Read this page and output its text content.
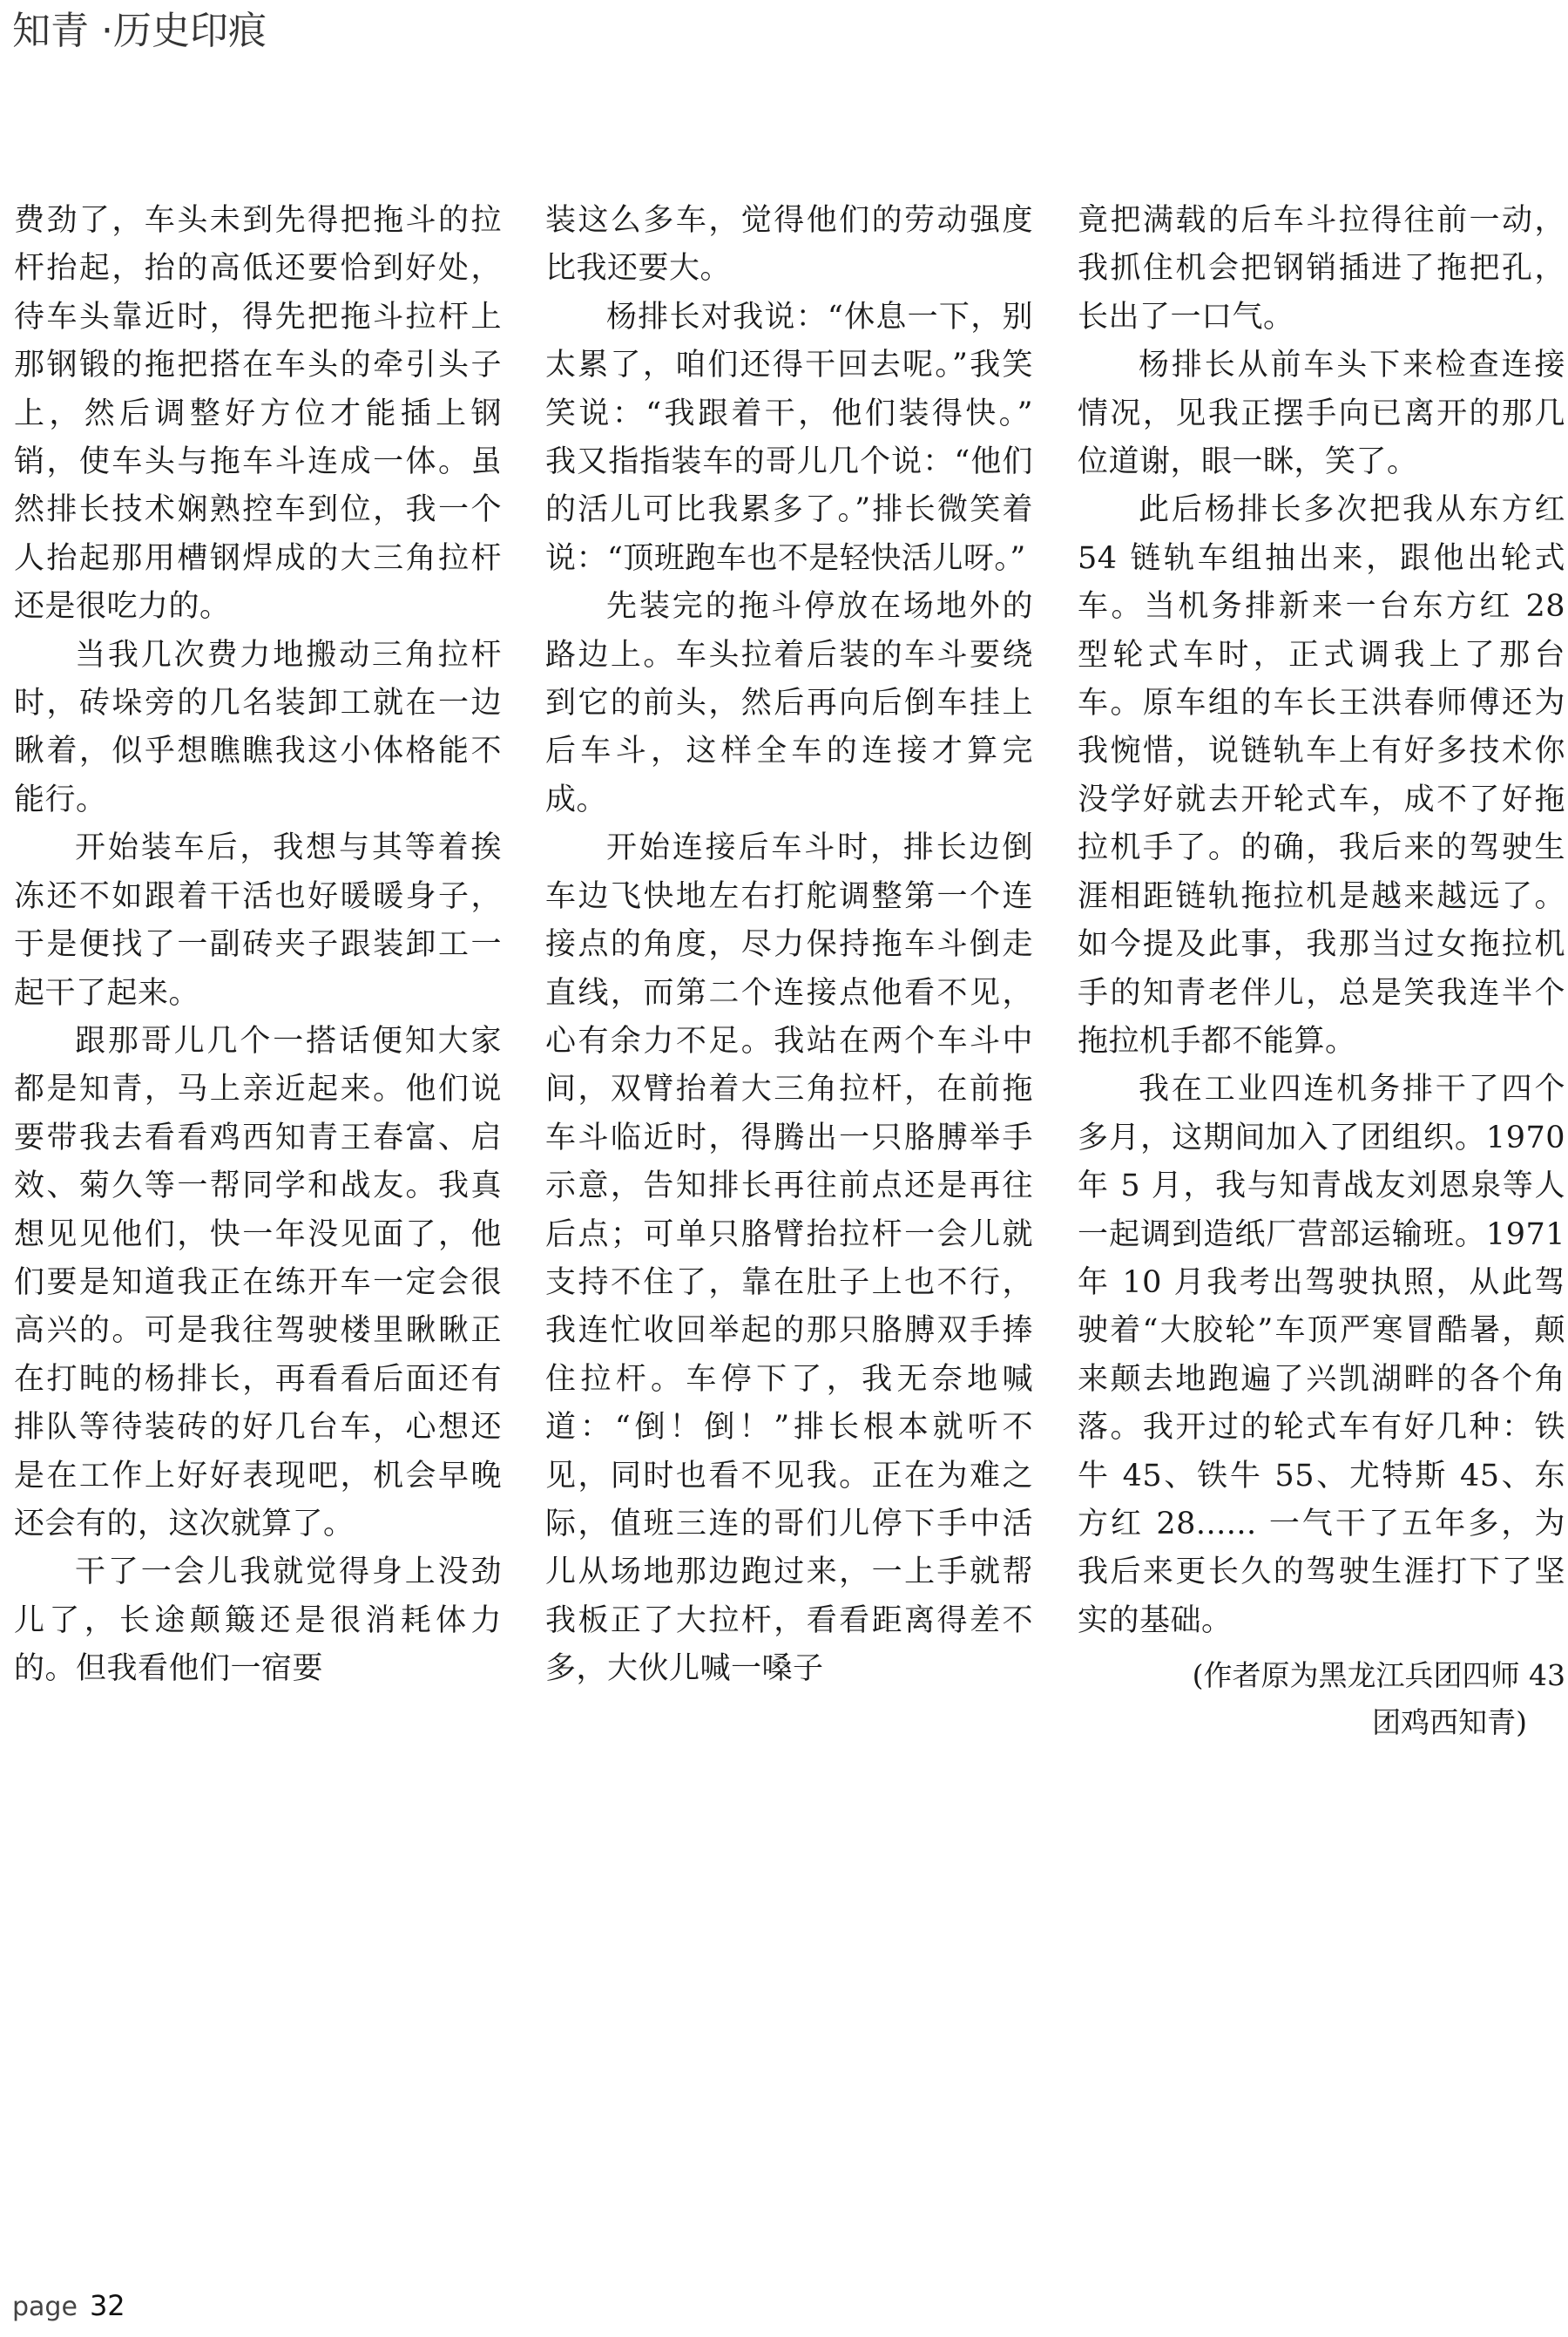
知青 ·历史印痕

费劲了，车头未到先得把拖斗的拉杆抬起，抬的高低还要恰到好处，待车头靠近时，得先把拖斗拉杆上那钢锻的拖把搭在车头的牵引头子上，然后调整好方位才能插上钢销，使车头与拖车斗连成一体。虽然排长技术娴熟控车到位，我一个人抬起那用槽钢焊成的大三角拉杆还是很吃力的。

当我几次费力地搬动三角拉杆时，砖垛旁的几名装卸工就在一边瞅着，似乎想瞧瞧我这小体格能不能行。

开始装车后，我想与其等着挨冻还不如跟着干活也好暖暖身子，于是便找了一副砖夹子跟装卸工一起干了起来。

跟那哥儿几个一搭话便知大家都是知青，马上亲近起来。他们说要带我去看看鸡西知青王春富、启效、菊久等一帮同学和战友。我真想见见他们，快一年没见面了，他们要是知道我正在练开车一定会很高兴的。可是我往驾驶楼里瞅瞅正在打盹的杨排长，再看看后面还有排队等待装砖的好几台车，心想还是在工作上好好表现吧，机会早晚还会有的，这次就算了。

干了一会儿我就觉得身上没劲儿了，长途颠簸还是很消耗体力的。但我看他们一宿要

装这么多车，觉得他们的劳动强度比我还要大。

杨排长对我说：“休息一下，别太累了，咱们还得干回去呢。”我笑笑说：“我跟着干，他们装得快。” 我又指指装车的哥儿几个说：“他们的活儿可比我累多了。”排长微笑着说：“顶班跑车也不是轻快活儿呀。”

先装完的拖斗停放在场地外的路边上。车头拉着后装的车斗要绕到它的前头，然后再向后倒车挂上后车斗，这样全车的连接才算完成。

开始连接后车斗时，排长边倒车边飞快地左右打舵调整第一个连接点的角度，尽力保持拖车斗倒走直线，而第二个连接点他看不见，心有余力不足。我站在两个车斗中间，双臂抬着大三角拉杆，在前拖车斗临近时，得腾出一只胳膊举手示意，告知排长再往前点还是再往后点；可单只胳臂抬拉杆一会儿就支持不住了，靠在肚子上也不行，我连忙收回举起的那只胳膊双手捧住拉杆。车停下了，我无奈地喊道：“倒！倒！”排长根本就听不见，同时也看不见我。正在为难之际，值班三连的哥们儿停下手中活儿从场地那边跑过来，一上手就帮我板正了大拉杆，看看距离得差不多，大伙儿喊一嗓子

竟把满载的后车斗拉得往前一动，我抓住机会把钢销插进了拖把孔，长出了一口气。

杨排长从前车头下来检查连接情况，见我正摆手向已离开的那几位道谢，眼一眯，笑了。

此后杨排长多次把我从东方红 54 链轨车组抽出来，跟他出轮式车。当机务排新来一台东方红 28 型轮式车时，正式调我上了那台车。原车组的车长王洪春师傅还为我惋惜，说链轨车上有好多技术你没学好就去开轮式车，成不了好拖拉机手了。的确，我后来的驾驶生涯相距链轨拖拉机是越来越远了。如今提及此事，我那当过女拖拉机手的知青老伴儿，总是笑我连半个拖拉机手都不能算。

我在工业四连机务排干了四个多月，这期间加入了团组织。1970 年 5 月，我与知青战友刘恩泉等人一起调到造纸厂营部运输班。1971 年 10 月我考出驾驶执照，从此驾驶着“大胶轮”车顶严寒冒酷暑，颠来颠去地跑遍了兴凯湖畔的各个角落。我开过的轮式车有好几种：铁牛 45、铁牛 55、尤特斯 45、东方红 28...... 一气干了五年多，为我后来更长久的驾驶生涯打下了坚实的基础。

(作者原为黑龙江兵团四师 43
团鸡西知青)
page 32
